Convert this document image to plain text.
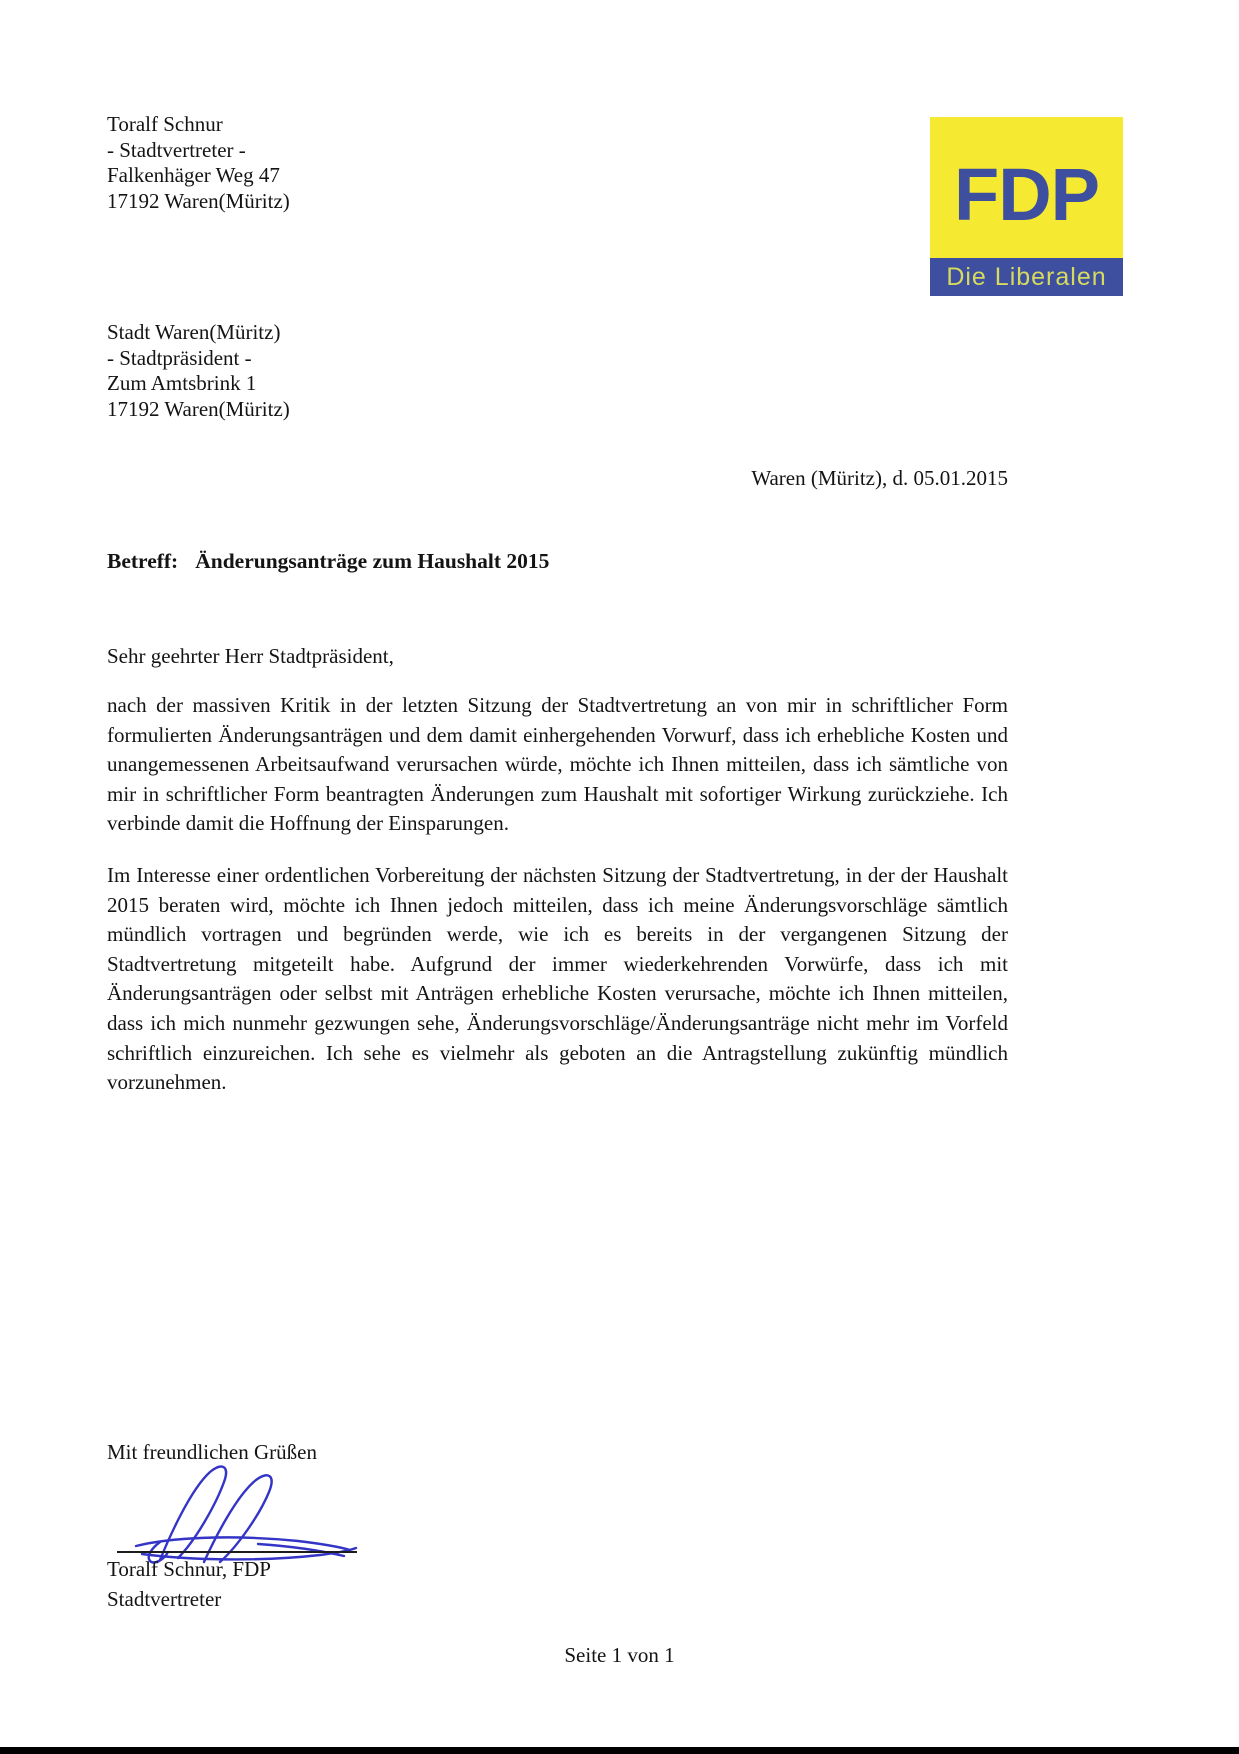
Toralf Schnur
- Stadtvertreter -
Falkenhäger Weg 47
17192 Waren(Müritz)	FDP
Die Liberalen
Stadt Waren(Müritz)
- Stadtpräsident -
Zum Amtsbrink 1
17192 Waren(Müritz)
Waren (Müritz), d. 05.01.2015
Betreff: Änderungsanträge zum Haushalt 2015
Sehr geehrter Herr Stadtpräsident,
nach der massiven Kritik in der letzten Sitzung der Stadtvertretung an von mir in schriftlicher Form formulierten Änderungsanträgen und dem damit einhergehenden Vorwurf, dass ich erhebliche Kosten und unangemessenen Arbeitsaufwand verursachen würde, möchte ich Ihnen mitteilen, dass ich sämtliche von mir in schriftlicher Form beantragten Änderungen zum Haushalt mit sofortiger Wirkung zurückziehe. Ich verbinde damit die Hoffnung der Einsparungen.
Im Interesse einer ordentlichen Vorbereitung der nächsten Sitzung der Stadtvertretung, in der der Haushalt 2015 beraten wird, möchte ich Ihnen jedoch mitteilen, dass ich meine Änderungsvorschläge sämtlich mündlich vortragen und begründen werde, wie ich es bereits in der vergangenen Sitzung der Stadtvertretung mitgeteilt habe. Aufgrund der immer wiederkehrenden Vorwürfe, dass ich mit Änderungsanträgen oder selbst mit Anträgen erhebliche Kosten verursache, möchte ich Ihnen mitteilen, dass ich mich nunmehr gezwungen sehe, Änderungsvorschläge/Änderungsanträge nicht mehr im Vorfeld schriftlich einzureichen. Ich sehe es vielmehr als geboten an die Antragstellung zukünftig mündlich vorzunehmen.
Mit freundlichen Grüßen
Toralf Schnur, FDP
Stadtvertreter
Seite 1 von 1
